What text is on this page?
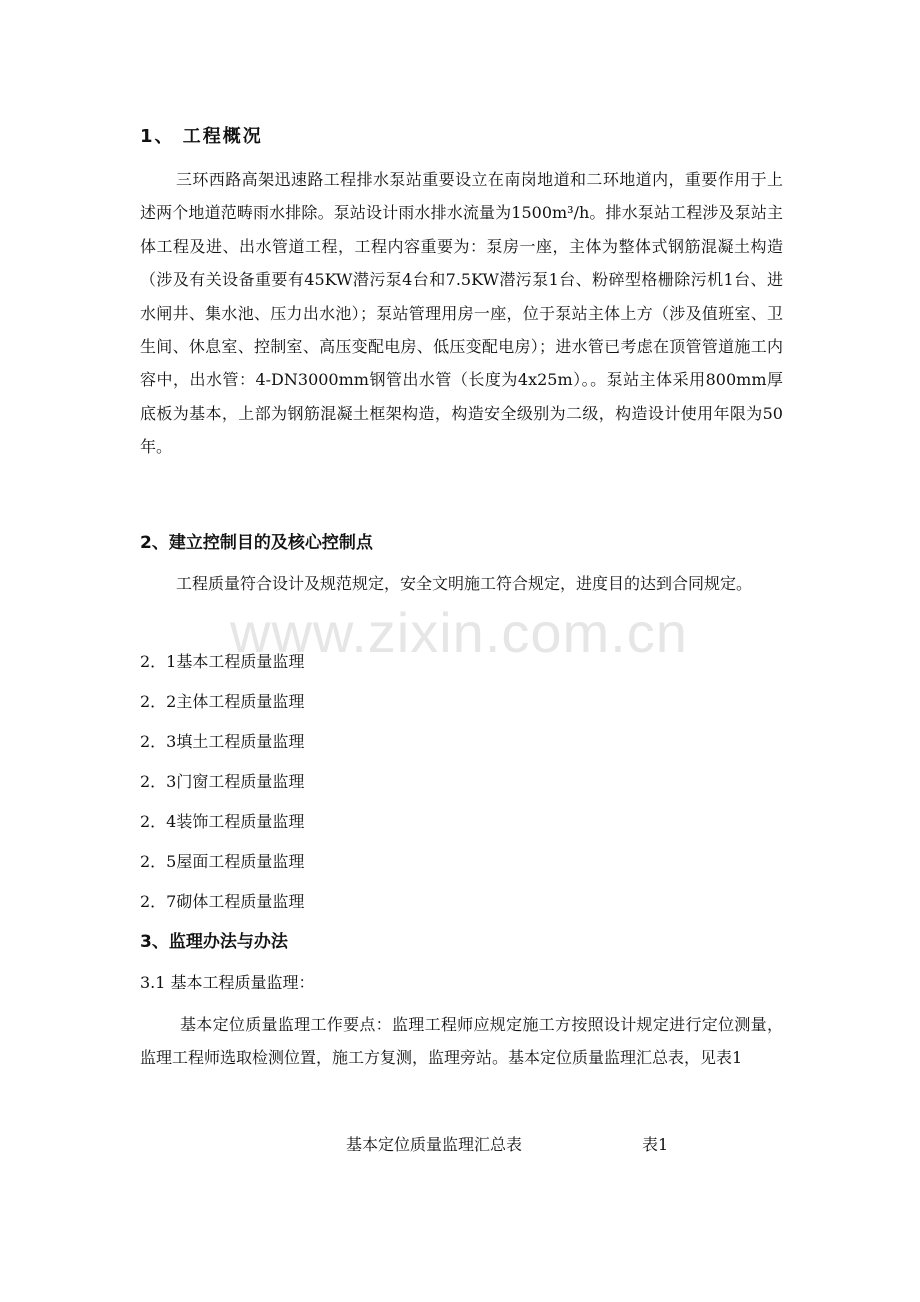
www.zixin.com.cn
1、 工程概况

三环西路高架迅速路工程排水泵站重要设立在南岗地道和二环地道内，重要作用于上述两个地道范畴雨水排除。泵站设计雨水排水流量为1500m³/h。排水泵站工程涉及泵站主体工程及进、出水管道工程，工程内容重要为：泵房一座，主体为整体式钢筋混凝土构造（涉及有关设备重要有45KW潜污泵4台和7.5KW潜污泵1台、粉碎型格栅除污机1台、进水闸井、集水池、压力出水池）；泵站管理用房一座，位于泵站主体上方（涉及值班室、卫生间、休息室、控制室、高压变配电房、低压变配电房）；进水管已考虑在顶管管道施工内容中，出水管：4-DN3000mm钢管出水管（长度为4x25m）。。泵站主体采用800mm厚底板为基本，上部为钢筋混凝土框架构造，构造安全级别为二级，构造设计使用年限为50年。

2、建立控制目的及核心控制点

工程质量符合设计及规范规定，安全文明施工符合规定，进度目的达到合同规定。

2．1基本工程质量监理
2．2主体工程质量监理
2．3填土工程质量监理
2．3门窗工程质量监理
2．4装饰工程质量监理
2．5屋面工程质量监理
2．7砌体工程质量监理
3、监理办法与办法
3.1 基本工程质量监理：

基本定位质量监理工作要点：监理工程师应规定施工方按照设计规定进行定位测量，监理工程师选取检测位置，施工方复测，监理旁站。基本定位质量监理汇总表，见表1

基本定位质量监理汇总表	表1
